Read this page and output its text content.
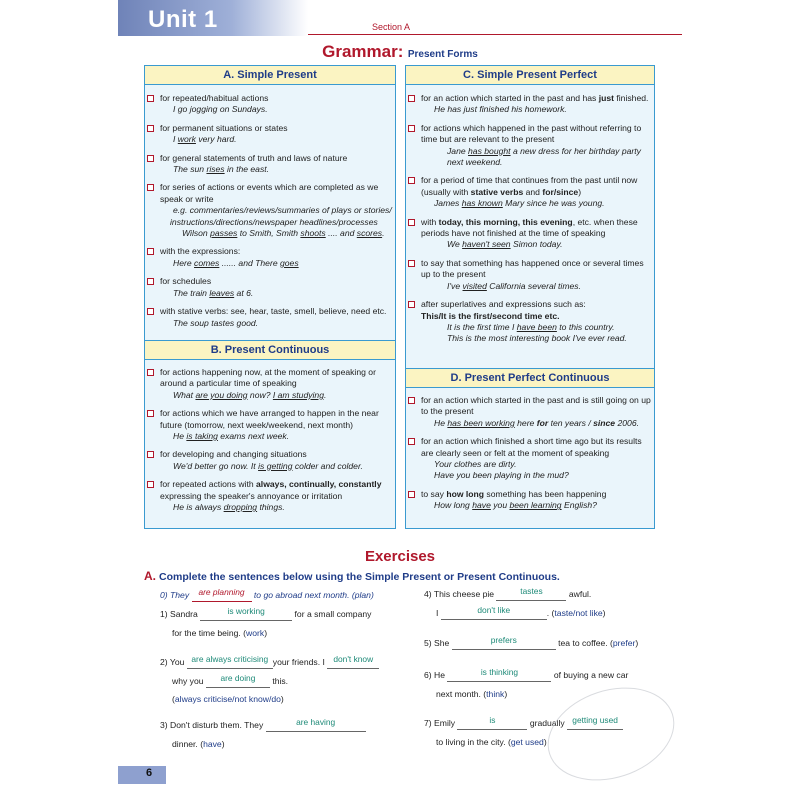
Unit 1	Section A
Grammar: Present Forms
A. Simple Present
for repeated/habitual actions
I go jogging on Sundays.
for permanent situations or states
I work very hard.
for general statements of truth and laws of nature
The sun rises in the east.
for series of actions or events which are completed as we speak or write
e.g. commentaries/reviews/summaries of plays or stories/
instructions/directions/newspaper headlines/processes
Wilson passes to Smith, Smith shoots .... and scores.
with the expressions:
Here comes ...... and There goes
for schedules
The train leaves at 6.
with stative verbs: see, hear, taste, smell, believe, need etc.
The soup tastes good.
B. Present Continuous
for actions happening now, at the moment of speaking or around a particular time of speaking
What are you doing now? I am studying.
for actions which we have arranged to happen in the near future (tomorrow, next week/weekend, next month)
He is taking exams next week.
for developing and changing situations
We'd better go now. It is getting colder and colder.
for repeated actions with always, continually, constantly expressing the speaker's annoyance or irritation
He is always dropping things.
C. Simple Present Perfect
for an action which started in the past and has just finished.
He has just finished his homework.
for actions which happened in the past without referring to time but are relevant to the present
Jane has bought a new dress for her birthday party
next weekend.
for a period of time that continues from the past until now (usually with stative verbs and for/since)
James has known Mary since he was young.
with today, this morning, this evening, etc. when these periods have not finished at the time of speaking
We haven't seen Simon today.
to say that something has happened once or several times up to the present
I've visited California several times.
after superlatives and expressions such as:
This/It is the first/second time etc.
It is the first time I have been to this country.
This is the most interesting book I've ever read.
D. Present Perfect Continuous
for an action which started in the past and is still going on up to the present
He has been working here for ten years / since 2006.
for an action which finished a short time ago but its results are clearly seen or felt at the moment of speaking
Your clothes are dirty.
Have you been playing in the mud?
to say how long something has been happening
How long have you been learning English?
Exercises
A. Complete the sentences below using the Simple Present or Present Continuous.
0) They are planning to go abroad next month. (plan)
1) Sandra	is working	for a small company
for the time being. (work)
2) You are always criticising your friends. I don't know
why you are doing this.
(always criticise/not know/do)
3) Don't disturb them. They	are having
dinner. (have)
4) This cheese pie	tastes	awful.
I	don't like	. (taste/not like)
5) She	prefers	tea to coffee. (prefer)
6) He	is thinking	of buying a new car
next month. (think)
7) Emily	is	gradually getting used
to living in the city. (get used)
6
